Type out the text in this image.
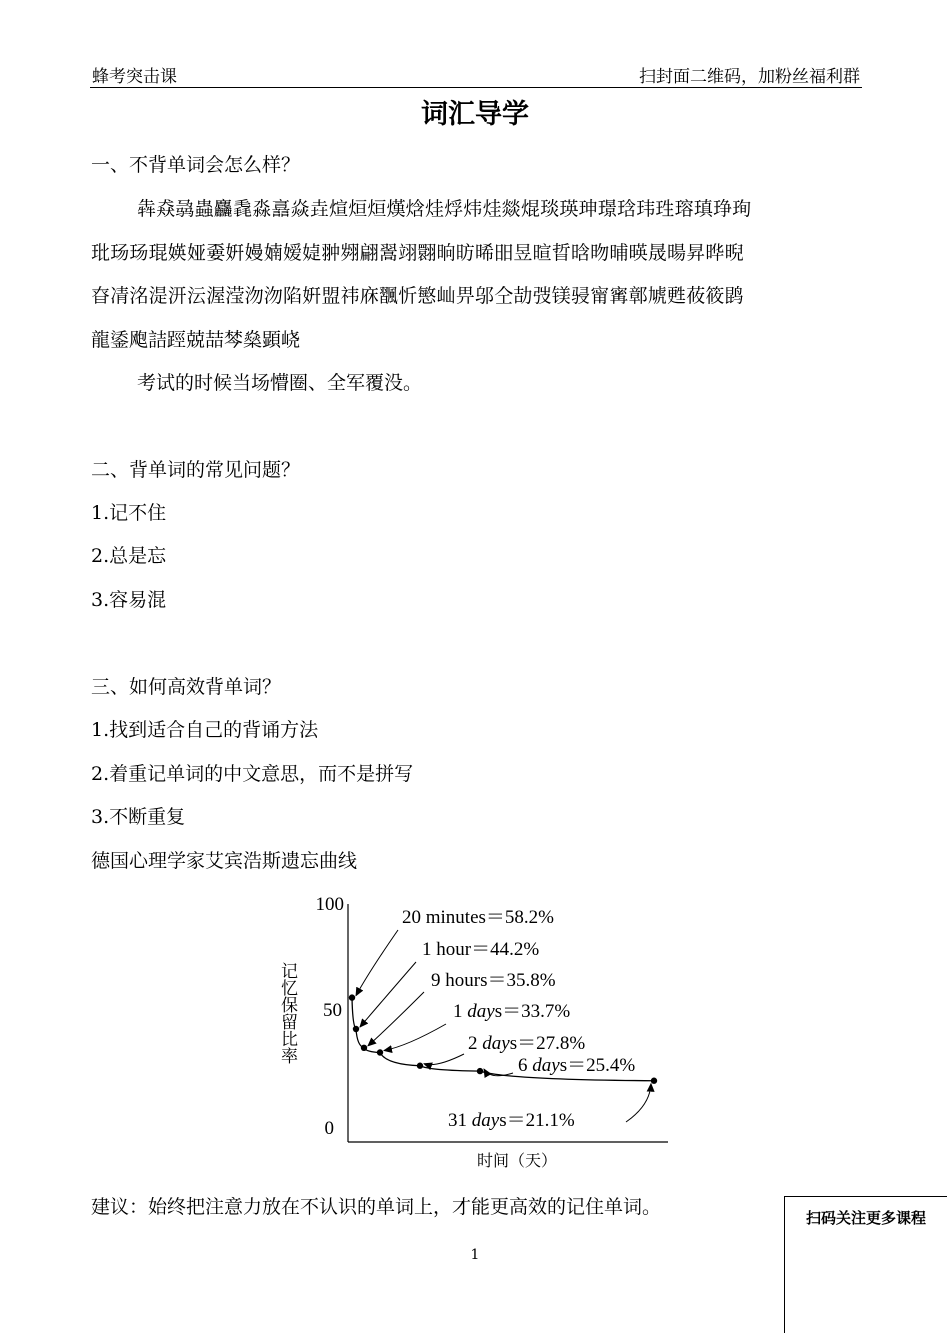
蜂考突击课	扫封面二维码，加粉丝福利群
词汇导学
一、不背单词会怎么样？
犇猋骉蟲麤毳淼譶焱垚煊烜烜熯焓烓烰炜烓燚焜琰瑛珅璟琀玮珄瑢瑱琤珣
玭玚玚琨媖娅嫑姸嫚婻嫒媫翀翙翩翯翊翾晌昉晞昍昱暄晢晗昒晡暎晟暘昇晔晲
昚凊洺湜汧沄渥滢沕沕陷姸盟祎庥飁忻慜屾畀邬仝劼弢镁骎甯寗鄣虓甦莜筱鹍
龍鋈飑詰踁兢喆棽燊顕峣
考试的时候当场懵圈、全军覆没。
二、背单词的常见问题？
1.记不住
2.总是忘
3.容易混
三、如何高效背单词？
1.找到适合自己的背诵方法
2.着重记单词的中文意思，而不是拼写
3.不断重复
德国心理学家艾宾浩斯遗忘曲线
0
50
100
记忆保留比率
时间（天）
20 minutes＝58.2%
1 hour＝44.2%
9 hours＝35.8%
1 days＝33.7%
2 days＝27.8%
6 days＝25.4%
31 days＝21.1%
建议：始终把注意力放在不认识的单词上，才能更高效的记住单词。	扫码关注更多课程
1
